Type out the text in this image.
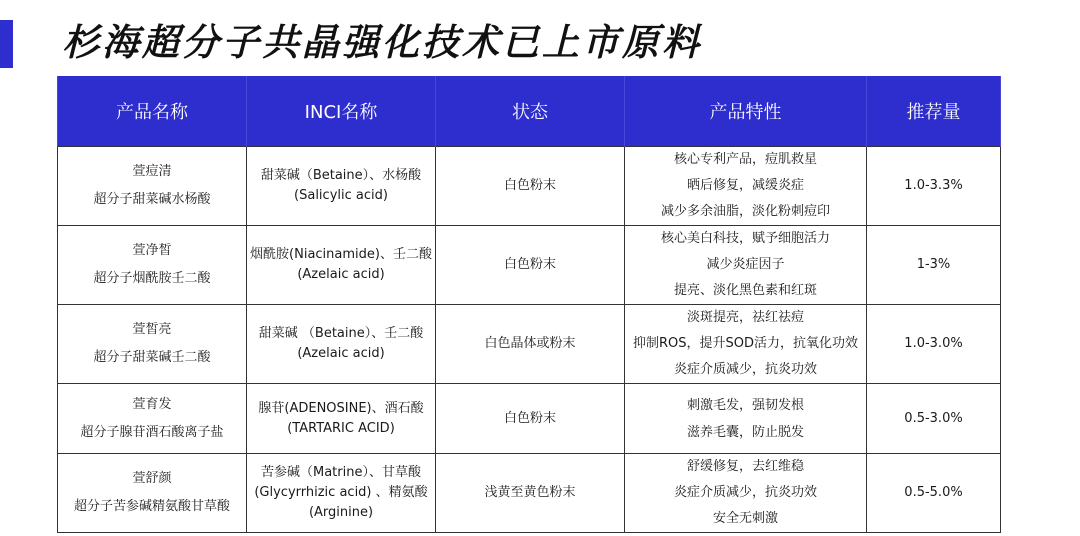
杉海超分子共晶强化技术已上市原料
产品名称	INCI名称	状态	产品特性	推荐量

萱痘清
超分子甜菜碱水杨酸	甜菜碱（Betaine）、水杨酸
(Salicylic acid)	白色粉末	核心专利产品，痘肌救星
晒后修复，减缓炎症
减少多余油脂，淡化粉刺痘印	1.0-3.3%

萱净皙
超分子烟酰胺壬二酸	烟酰胺(Niacinamide)、壬二酸
(Azelaic acid)	白色粉末	核心美白科技，赋予细胞活力
减少炎症因子
提亮、淡化黑色素和红斑	1-3%

萱皙亮
超分子甜菜碱壬二酸	甜菜碱 （Betaine）、壬二酸
(Azelaic acid)	白色晶体或粉末	淡斑提亮，祛红祛痘
抑制ROS，提升SOD活力，抗氧化功效
炎症介质减少，抗炎功效	1.0-3.0%

萱育发
超分子腺苷酒石酸离子盐	腺苷(ADENOSINE)、酒石酸
(TARTARIC ACID)	白色粉末	刺激毛发，强韧发根
滋养毛囊，防止脱发	0.5-3.0%

萱舒颜
超分子苦参碱精氨酸甘草酸	苦参碱（Matrine）、甘草酸
(Glycyrrhizic acid) 、精氨酸
(Arginine)	浅黄至黄色粉末	舒缓修复，去红维稳
炎症介质减少，抗炎功效
安全无刺激	0.5-5.0%
